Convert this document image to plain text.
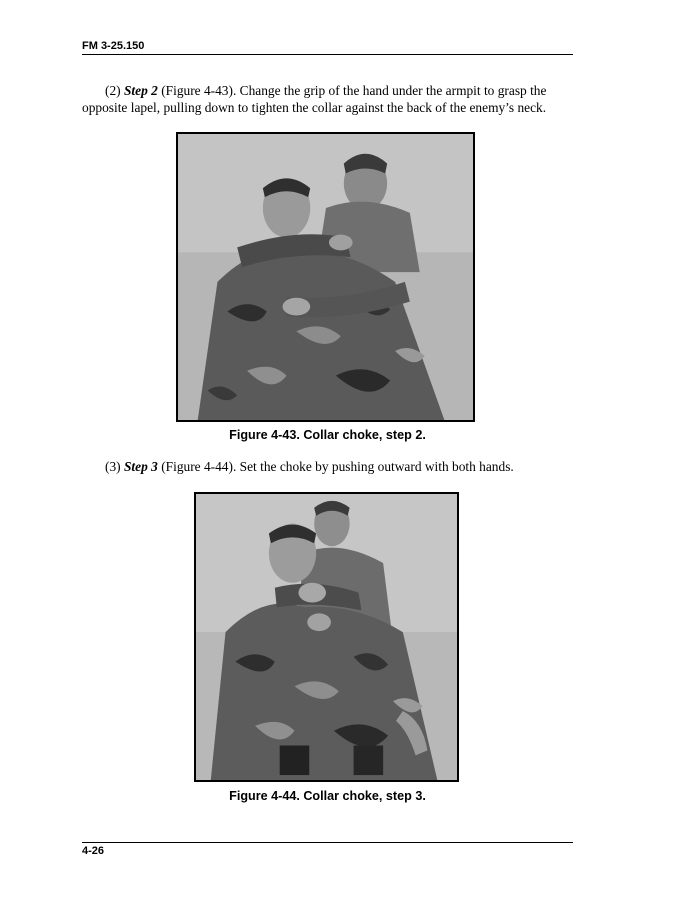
FM 3-25.150

(2) Step 2 (Figure 4-43). Change the grip of the hand under the armpit to grasp the opposite lapel, pulling down to tighten the collar against the back of the enemy’s neck.

Figure 4-43. Collar choke, step 2.

(3) Step 3 (Figure 4-44). Set the choke by pushing outward with both hands.

Figure 4-44. Collar choke, step 3.
4-26
